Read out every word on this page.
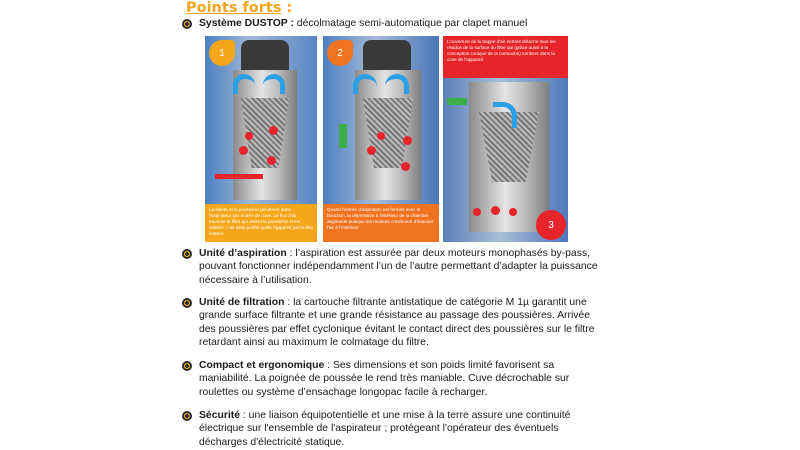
Points forts :
Système DUSTOP : décolmatage semi-automatique par clapet manuel
1
La saleté et la poussière pénètrent dans l'aspirateur par entrée de cuve. Le flux d'air traverse le filtre qui retient la poussière et les saletés. L'air ainsi purifié quitte l'appareil par la tête moteur.
2
Quand l'entrée d'aspiration est fermée avec le bouchon, la dépression à l'intérieur de la chambre augmente puisque les moteurs continuent d'évacuer l'air à l'extérieur.	3
L'ouverture de la trappe d'air entrant détache tous les résidus de la surface du filtre qui (grâce aussi à la conception conique de la cartouche) tombent dans la cuve de l'appareil.
Unité d’aspiration : l’aspiration est assurée par deux moteurs monophasés by-pass, pouvant fonctionner indépendamment l’un de l’autre permettant d’adapter la puissance nécessaire à l’utilisation.
Unité de filtration : la cartouche filtrante antistatique de catégorie M 1µ garantit une grande surface filtrante et une grande résistance au passage des poussières. Arrivée des poussières par effet cyclonique évitant le contact direct des poussières sur le filtre retardant ainsi au maximum le colmatage du filtre.
Compact et ergonomique : Ses dimensions et son poids limité favorisent sa maniabilité. La poignée de poussée le rend très maniable. Cuve décrochable sur roulettes ou système d’ensachage longopac facile à recharger.
Sécurité : une liaison équipotentielle et une mise à la terre assure une continuité électrique sur l'ensemble de l'aspirateur ; protégeant l'opérateur des éventuels décharges d'électricité statique.
